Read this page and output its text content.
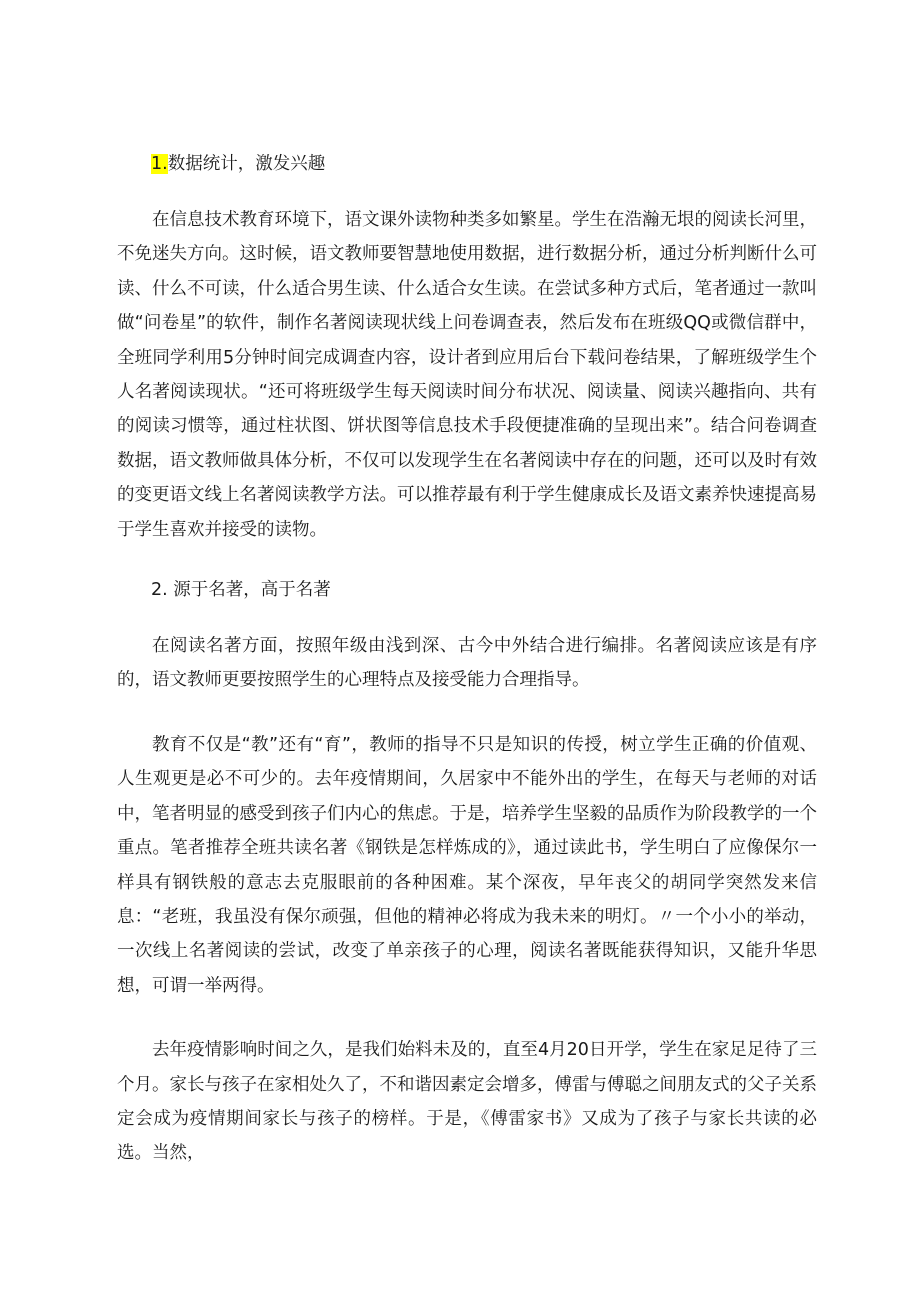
1.数据统计，激发兴趣

在信息技术教育环境下，语文课外读物种类多如繁星。学生在浩瀚无垠的阅读长河里，不免迷失方向。这时候，语文教师要智慧地使用数据，进行数据分析，通过分析判断什么可读、什么不可读，什么适合男生读、什么适合女生读。在尝试多种方式后，笔者通过一款叫做“问卷星”的软件，制作名著阅读现状线上问卷调查表，然后发布在班级QQ或微信群中，全班同学利用5分钟时间完成调查内容，设计者到应用后台下载问卷结果，了解班级学生个人名著阅读现状。“还可将班级学生每天阅读时间分布状况、阅读量、阅读兴趣指向、共有的阅读习惯等，通过柱状图、饼状图等信息技术手段便捷准确的呈现出来”。结合问卷调查数据，语文教师做具体分析，不仅可以发现学生在名著阅读中存在的问题，还可以及时有效的变更语文线上名著阅读教学方法。可以推荐最有利于学生健康成长及语文素养快速提高易于学生喜欢并接受的读物。

2. 源于名著，高于名著

在阅读名著方面，按照年级由浅到深、古今中外结合进行编排。名著阅读应该是有序的，语文教师更要按照学生的心理特点及接受能力合理指导。

教育不仅是“教”还有“育”，教师的指导不只是知识的传授，树立学生正确的价值观、人生观更是必不可少的。去年疫情期间，久居家中不能外出的学生，在每天与老师的对话中，笔者明显的感受到孩子们内心的焦虑。于是，培养学生坚毅的品质作为阶段教学的一个重点。笔者推荐全班共读名著《钢铁是怎样炼成的》，通过读此书，学生明白了应像保尔一样具有钢铁般的意志去克服眼前的各种困难。某个深夜，早年丧父的胡同学突然发来信息：“老班，我虽没有保尔顽强，但他的精神必将成为我未来的明灯。〃一个小小的举动，一次线上名著阅读的尝试，改变了单亲孩子的心理，阅读名著既能获得知识，又能升华思想，可谓一举两得。

去年疫情影响时间之久，是我们始料未及的，直至4月20日开学，学生在家足足待了三个月。家长与孩子在家相处久了，不和谐因素定会增多，傅雷与傅聪之间朋友式的父子关系定会成为疫情期间家长与孩子的榜样。于是，《傅雷家书》又成为了孩子与家长共读的必选。当然，
